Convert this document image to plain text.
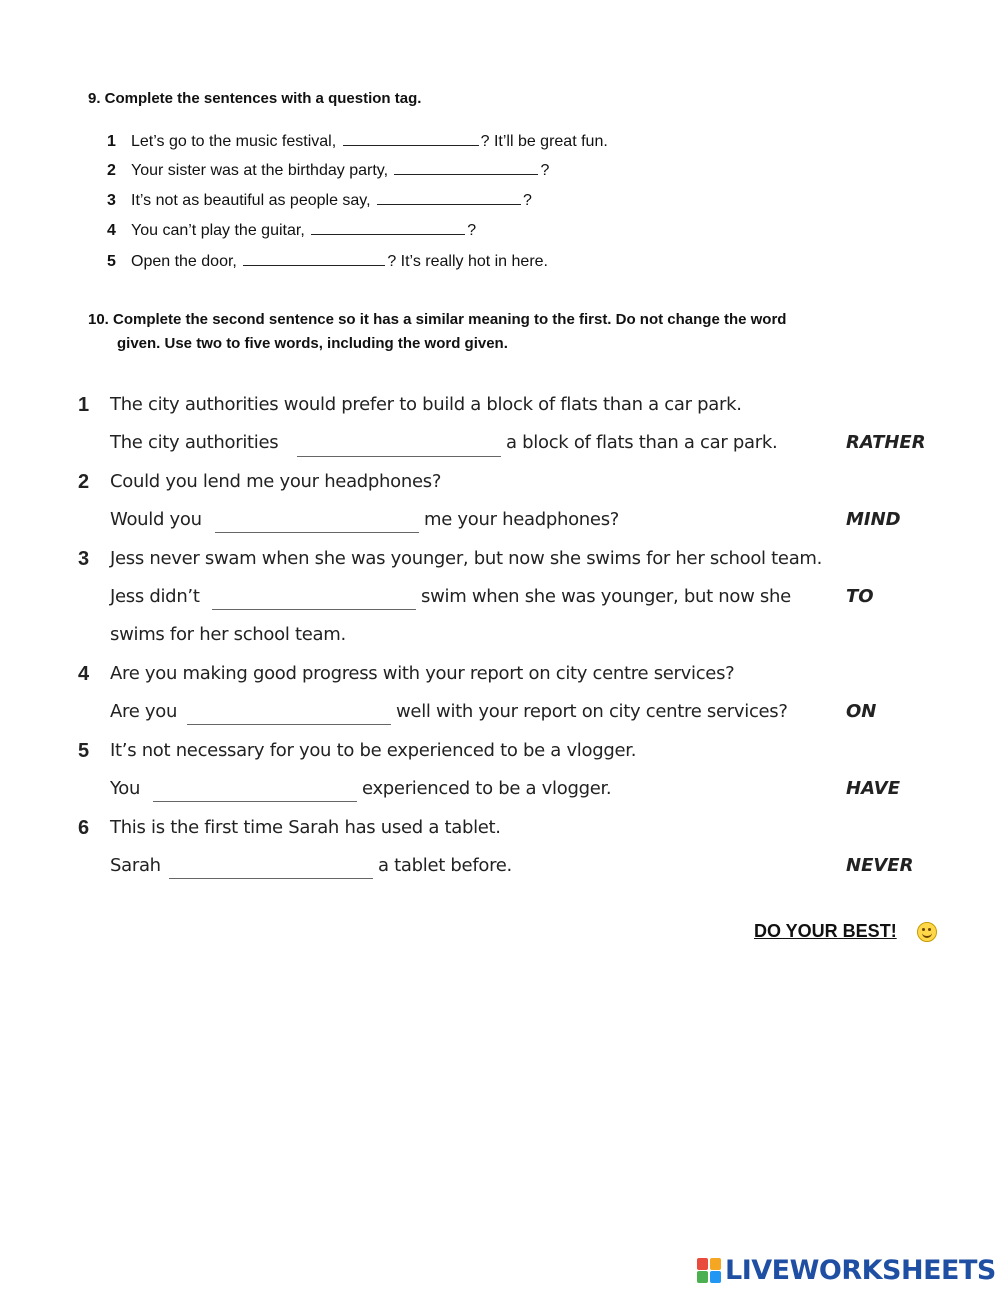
9. Complete the sentences with a question tag.
1 Let’s go to the music festival,	? It’ll be great fun.
2 Your sister was at the birthday party,	?
3 It’s not as beautiful as people say,	?
4 You can’t play the guitar,	?
5 Open the door,	? It’s really hot in here.
10. Complete the second sentence so it has a similar meaning to the first. Do not change the word
given. Use two to five words, including the word given.
1 The city authorities would prefer to build a block of flats than a car park.
The city authorities	a block of flats than a car park.	RATHER
2 Could you lend me your headphones?
Would you	me your headphones?	MIND
3 Jess never swam when she was younger, but now she swims for her school team.
Jess didn’t	swim when she was younger, but now she
swims for her school team.
TO
4 Are you making good progress with your report on city centre services?
Are you	well with your report on city centre services?	ON
5 It’s not necessary for you to be experienced to be a vlogger.
You	experienced to be a vlogger.	HAVE
6 This is the first time Sarah has used a tablet.
Sarah	a tablet before.	NEVER
DO YOUR BEST!
LIVEWORKSHEETS
